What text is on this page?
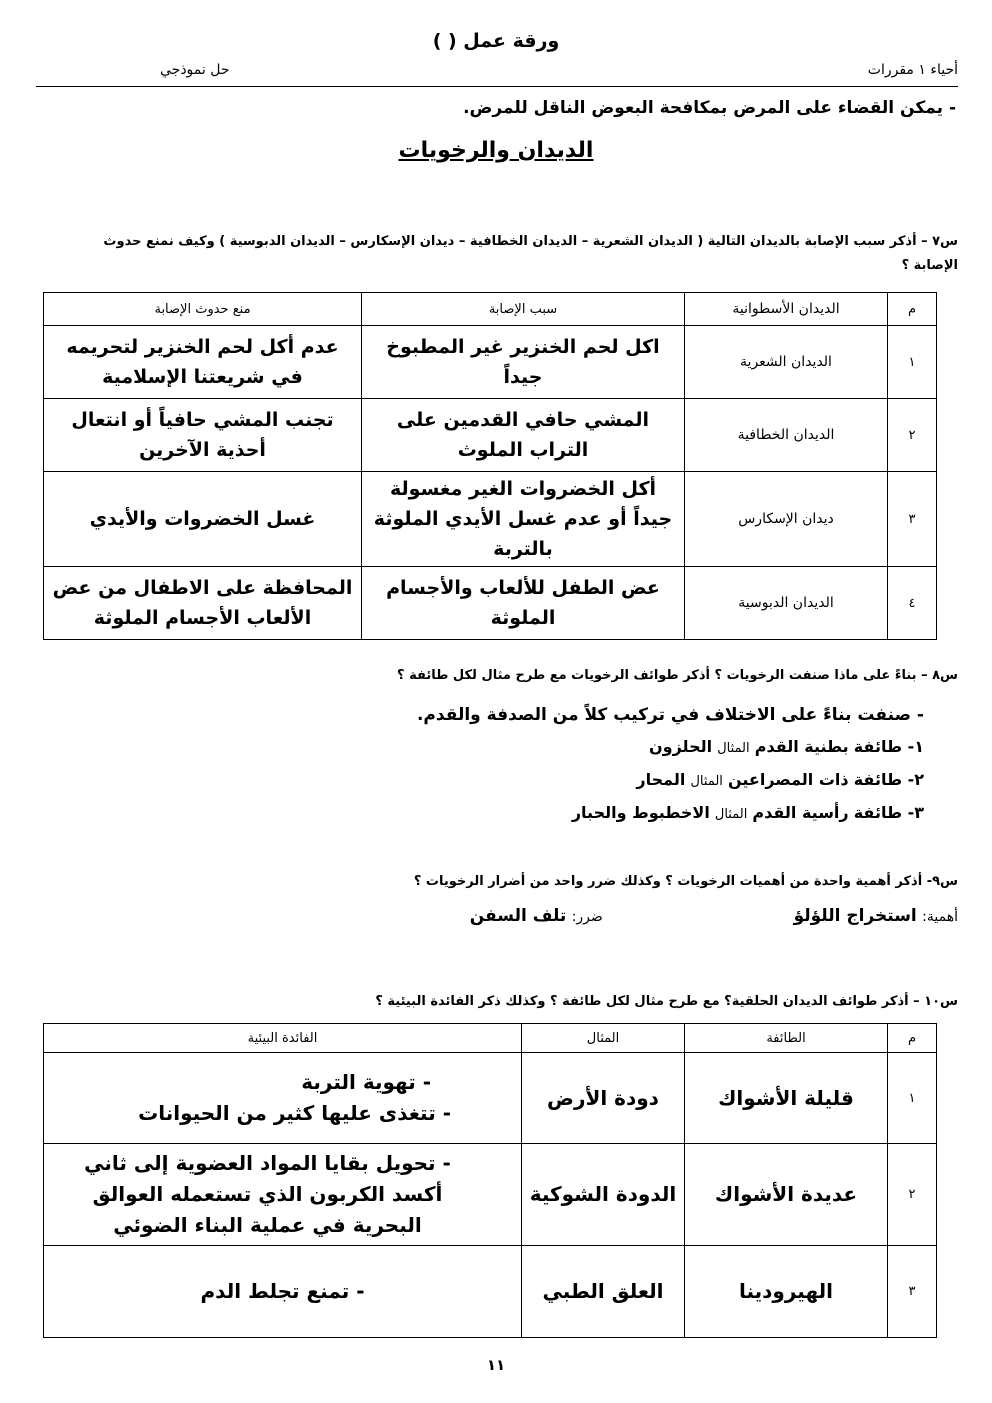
ورقة عمل ( )
حل نموذجي	أحياء ١ مقررات
- يمكن القضاء على المرض بمكافحة البعوض الناقل للمرض.
الديدان والرخويات
س٧ – أذكر سبب الإصابة بالديدان التالية ( الديدان الشعرية – الديدان الخطافية – ديدان الإسكارس – الديدان الدبوسية ) وكيف نمنع حدوث الإصابة ؟
م	الديدان الأسطوانية	سبب الإصابة	منع حدوث الإصابة
١	الديدان الشعرية	اكل لحم الخنزير غير المطبوخ جيداً	عدم أكل لحم الخنزير لتحريمه في شريعتنا الإسلامية
٢	الديدان الخطافية	المشي حافي القدمين على التراب الملوث	تجنب المشي حافياً أو انتعال أحذية الآخرين
٣	ديدان الإسكارس	أكل الخضروات الغير مغسولة جيداً أو عدم غسل الأيدي الملوثة بالتربة	غسل الخضروات والأيدي
٤	الديدان الدبوسية	عض الطفل للألعاب والأجسام الملوثة	المحافظة على الاطفال من عض الألعاب الأجسام الملوثة
س٨ – بناءً على ماذا صنفت الرخويات ؟ أذكر طوائف الرخويات مع طرح مثال لكل طائفة ؟
- صنفت بناءً على الاختلاف في تركيب كلاً من الصدفة والقدم.
١- طائفة بطنية القدم المثال الحلزون
٢- طائفة ذات المصراعين المثال المحار
٣- طائفة رأسية القدم المثال الاخطبوط والحبار
س٩- أذكر أهمية واحدة من أهميات الرخويات ؟ وكذلك ضرر واحد من أضرار الرخويات ؟
أهمية: استخراج اللؤلؤ  ضرر: تلف السفن
س١٠ – أذكر طوائف الديدان الحلقية؟ مع طرح مثال لكل طائفة ؟ وكذلك ذكر الفائدة البيئية ؟
م	الطائفة	المثال	الفائدة البيئية
١	قليلة الأشواك	دودة الأرض	- تهوية التربة
- تتغذى عليها كثير من الحيوانات

٢	عديدة الأشواك	الدودة الشوكية	- تحويل بقايا المواد العضوية إلى ثاني أكسد الكربون الذي تستعمله العوالق البحرية في عملية البناء الضوئي
٣	الهيرودينا	العلق الطبي	- تمنع تجلط الدم
١١
